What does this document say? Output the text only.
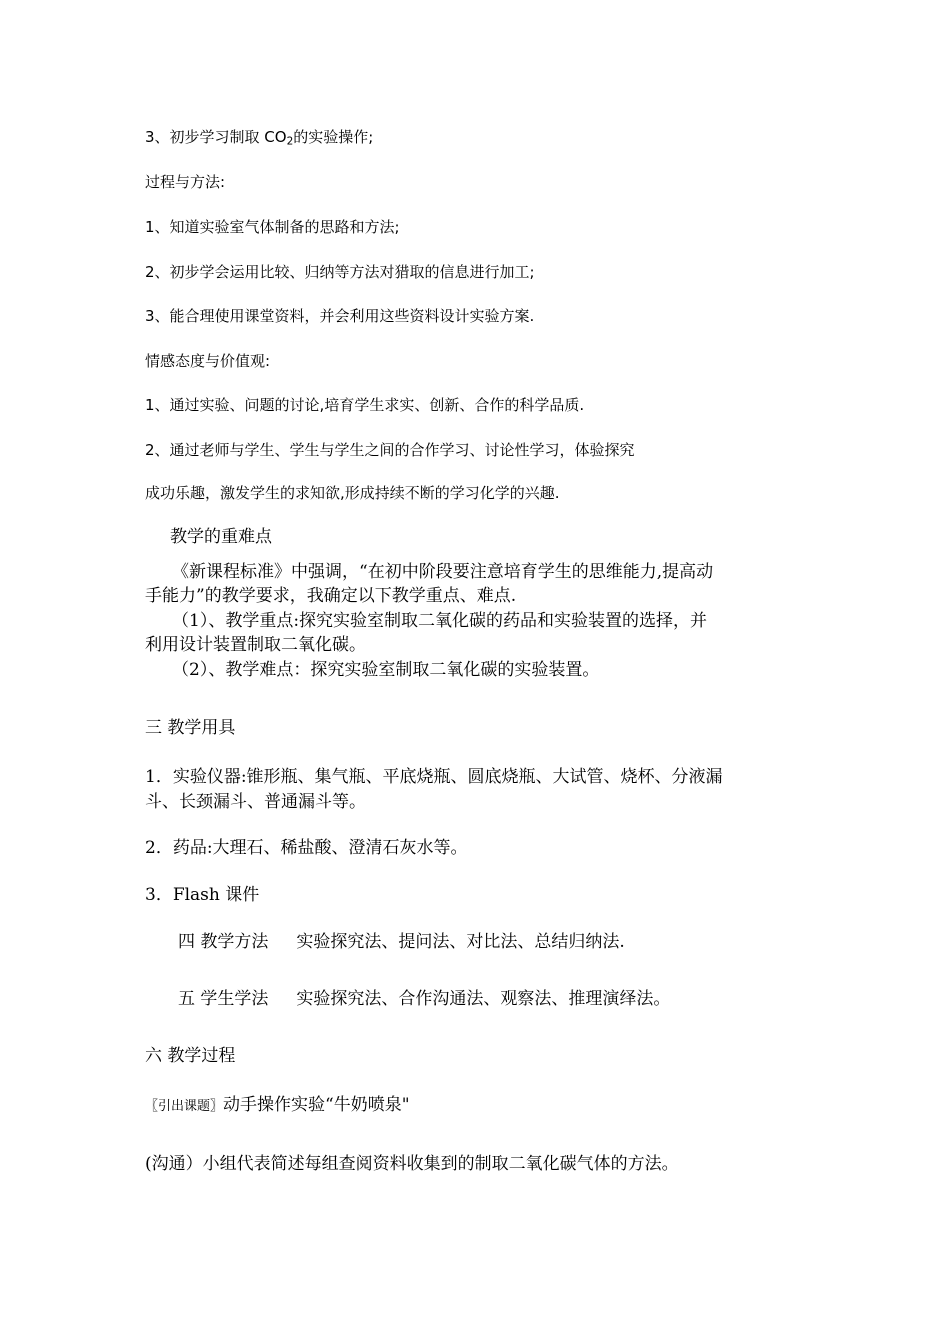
3、初步学习制取 $CO_2$的实验操作;
过程与方法:
1、知道实验室气体制备的思路和方法;
2、初步学会运用比较、归纳等方法对猎取的信息进行加工;
3、能合理使用课堂资料，并会利用这些资料设计实验方案.
情感态度与价值观:
1、通过实验、问题的讨论,培育学生求实、创新、合作的科学品质.
2、通过老师与学生、学生与学生之间的合作学习、讨论性学习，体验探究
成功乐趣，激发学生的求知欲,形成持续不断的学习化学的兴趣.
教学的重难点
《新课程标准》中强调，“在初中阶段要注意培育学生的思维能力,提高动
手能力”的教学要求，我确定以下教学重点、难点.
（1）、教学重点:探究实验室制取二氧化碳的药品和实验装置的选择，并
利用设计装置制取二氧化碳。
（2）、教学难点：探究实验室制取二氧化碳的实验装置。
三 教学用具
1．实验仪器:锥形瓶、集气瓶、平底烧瓶、圆底烧瓶、大试管、烧杯、分液漏
斗、长颈漏斗、普通漏斗等。
2．药品:大理石、稀盐酸、澄清石灰水等。
3．Flash 课件
四 教学方法 实验探究法、提问法、对比法、总结归纳法.
五 学生学法 实验探究法、合作沟通法、观察法、推理演绎法。
六 教学过程
〖引出课题〗动手操作实验“牛奶喷泉"
(沟通）小组代表简述每组查阅资料收集到的制取二氧化碳气体的方法。
